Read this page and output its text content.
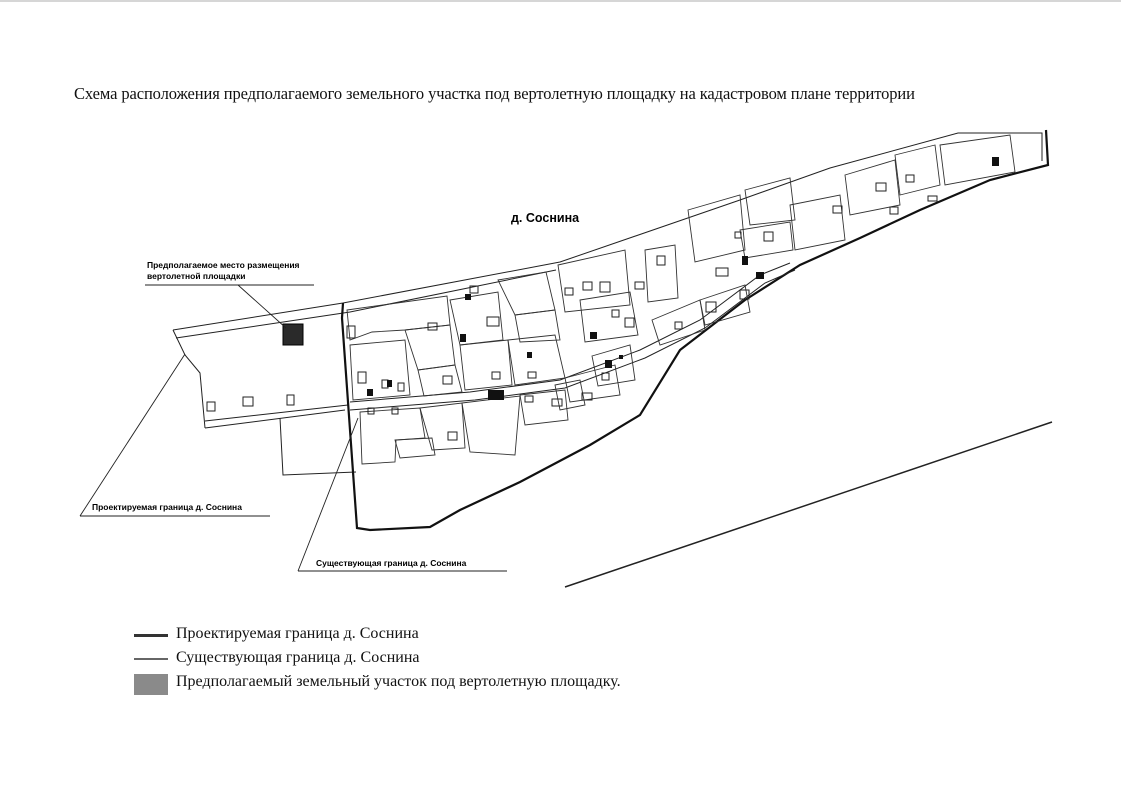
Схема расположения предполагаемого земельного участка под вертолетную площадку на кадастровом плане территории
д. Соснина
Предполагаемое место размещения
вертолетной площадки
Проектируемая граница д. Соснина
Существующая граница д. Соснина
Проектируемая граница д. Соснина
Существующая граница д. Соснина
Предполагаемый земельный участок под вертолетную площадку.
